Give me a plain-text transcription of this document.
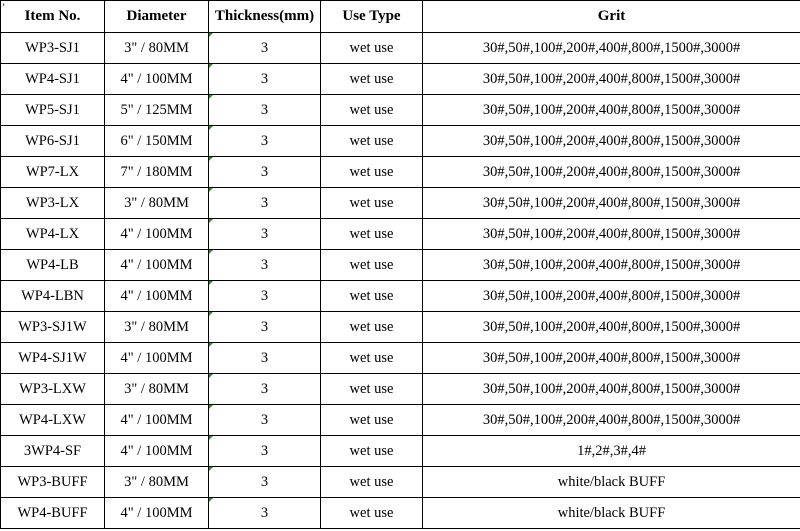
ʼ
Item No.	Diameter	Thickness(mm)	Use Type	Grit
WP3-SJ1	3" / 80MM	3	wet use	30#,50#,100#,200#,400#,800#,1500#,3000#
WP4-SJ1	4" / 100MM	3	wet use	30#,50#,100#,200#,400#,800#,1500#,3000#
WP5-SJ1	5" / 125MM	3	wet use	30#,50#,100#,200#,400#,800#,1500#,3000#
WP6-SJ1	6" / 150MM	3	wet use	30#,50#,100#,200#,400#,800#,1500#,3000#
WP7-LX	7" / 180MM	3	wet use	30#,50#,100#,200#,400#,800#,1500#,3000#
WP3-LX	3" / 80MM	3	wet use	30#,50#,100#,200#,400#,800#,1500#,3000#
WP4-LX	4" / 100MM	3	wet use	30#,50#,100#,200#,400#,800#,1500#,3000#
WP4-LB	4" / 100MM	3	wet use	30#,50#,100#,200#,400#,800#,1500#,3000#
WP4-LBN	4" / 100MM	3	wet use	30#,50#,100#,200#,400#,800#,1500#,3000#
WP3-SJ1W	3" / 80MM	3	wet use	30#,50#,100#,200#,400#,800#,1500#,3000#
WP4-SJ1W	4" / 100MM	3	wet use	30#,50#,100#,200#,400#,800#,1500#,3000#
WP3-LXW	3" / 80MM	3	wet use	30#,50#,100#,200#,400#,800#,1500#,3000#
WP4-LXW	4" / 100MM	3	wet use	30#,50#,100#,200#,400#,800#,1500#,3000#
3WP4-SF	4" / 100MM	3	wet use	1#,2#,3#,4#
WP3-BUFF	3" / 80MM	3	wet use	white/black BUFF
WP4-BUFF	4" / 100MM	3	wet use	white/black BUFF
